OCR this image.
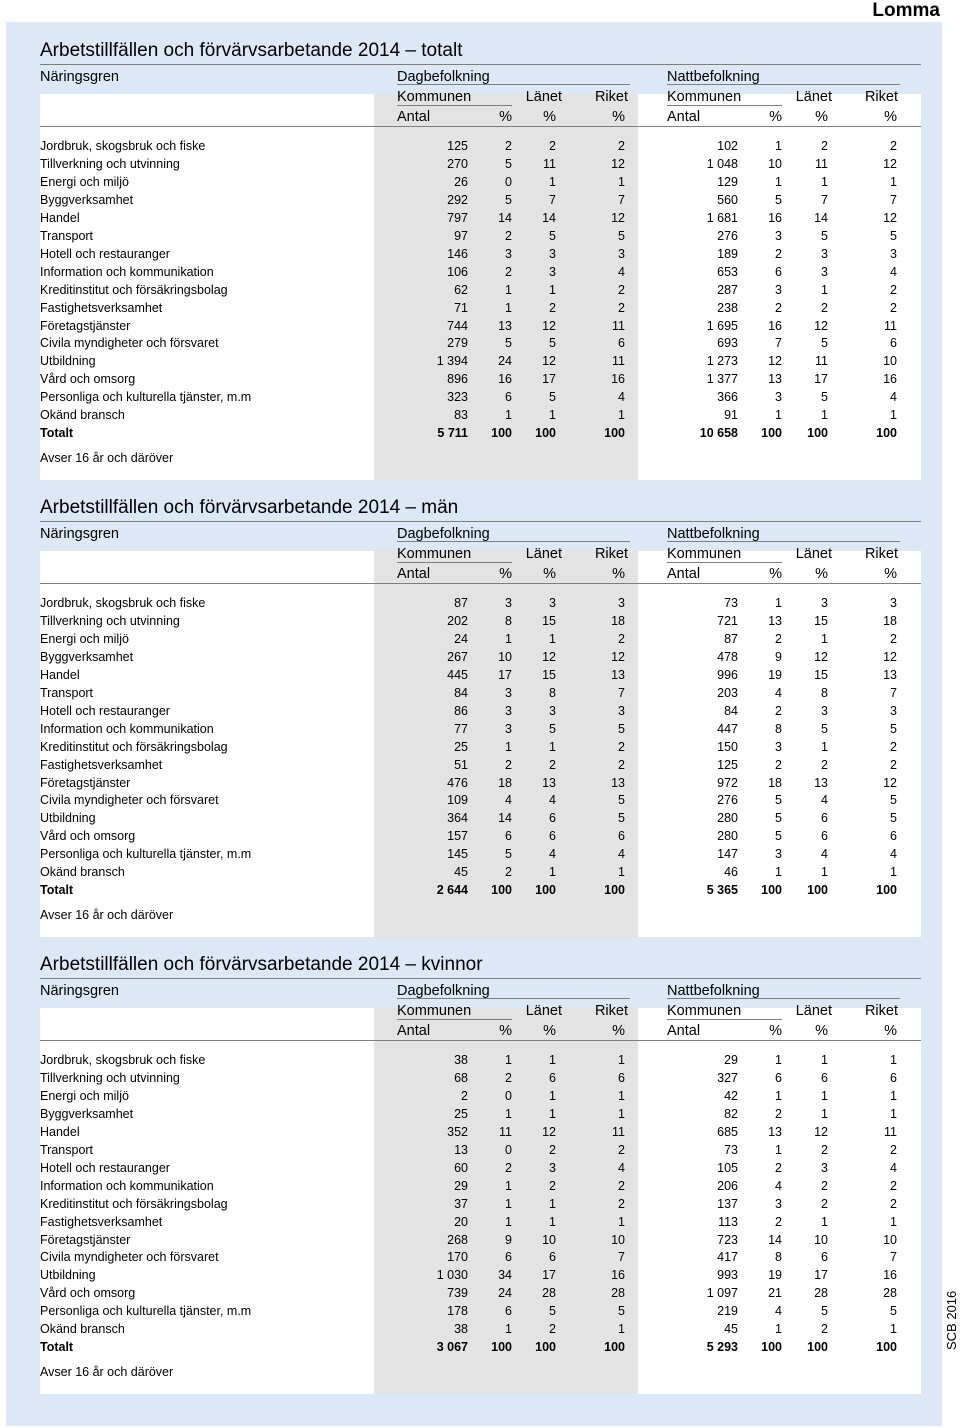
Lomma
Arbetstillfällen och förvärvsarbetande 2014 – totalt
Näringsgren	Dagbefolkning	Nattbefolkning
Kommunen	Länet	Riket	Kommunen	Länet	Riket
Antal	%	%	%	Antal	%	%	%
Jordbruk, skogsbruk och fiske	125	2	2	2	102	1	2	2
Tillverkning och utvinning	270	5	11	12	1 048	10	11	12
Energi och miljö	26	0	1	1	129	1	1	1
Byggverksamhet	292	5	7	7	560	5	7	7
Handel	797	14	14	12	1 681	16	14	12
Transport	97	2	5	5	276	3	5	5
Hotell och restauranger	146	3	3	3	189	2	3	3
Information och kommunikation	106	2	3	4	653	6	3	4
Kreditinstitut och försäkringsbolag	62	1	1	2	287	3	1	2
Fastighetsverksamhet	71	1	2	2	238	2	2	2
Företagstjänster	744	13	12	11	1 695	16	12	11
Civila myndigheter och försvaret	279	5	5	6	693	7	5	6
Utbildning	1 394	24	12	11	1 273	12	11	10
Vård och omsorg	896	16	17	16	1 377	13	17	16
Personliga och kulturella tjänster, m.m	323	6	5	4	366	3	5	4
Okänd bransch	83	1	1	1	91	1	1	1
Totalt	5 711	100	100	100	10 658	100	100	100
Avser 16 år och däröver
Arbetstillfällen och förvärvsarbetande 2014 – män
Näringsgren	Dagbefolkning	Nattbefolkning
Kommunen	Länet	Riket	Kommunen	Länet	Riket
Antal	%	%	%	Antal	%	%	%
Jordbruk, skogsbruk och fiske	87	3	3	3	73	1	3	3
Tillverkning och utvinning	202	8	15	18	721	13	15	18
Energi och miljö	24	1	1	2	87	2	1	2
Byggverksamhet	267	10	12	12	478	9	12	12
Handel	445	17	15	13	996	19	15	13
Transport	84	3	8	7	203	4	8	7
Hotell och restauranger	86	3	3	3	84	2	3	3
Information och kommunikation	77	3	5	5	447	8	5	5
Kreditinstitut och försäkringsbolag	25	1	1	2	150	3	1	2
Fastighetsverksamhet	51	2	2	2	125	2	2	2
Företagstjänster	476	18	13	13	972	18	13	12
Civila myndigheter och försvaret	109	4	4	5	276	5	4	5
Utbildning	364	14	6	5	280	5	6	5
Vård och omsorg	157	6	6	6	280	5	6	6
Personliga och kulturella tjänster, m.m	145	5	4	4	147	3	4	4
Okänd bransch	45	2	1	1	46	1	1	1
Totalt	2 644	100	100	100	5 365	100	100	100
Avser 16 år och däröver
Arbetstillfällen och förvärvsarbetande 2014 – kvinnor
Näringsgren	Dagbefolkning	Nattbefolkning
Kommunen	Länet	Riket	Kommunen	Länet	Riket
Antal	%	%	%	Antal	%	%	%
Jordbruk, skogsbruk och fiske	38	1	1	1	29	1	1	1
Tillverkning och utvinning	68	2	6	6	327	6	6	6
Energi och miljö	2	0	1	1	42	1	1	1
Byggverksamhet	25	1	1	1	82	2	1	1
Handel	352	11	12	11	685	13	12	11
Transport	13	0	2	2	73	1	2	2
Hotell och restauranger	60	2	3	4	105	2	3	4
Information och kommunikation	29	1	2	2	206	4	2	2
Kreditinstitut och försäkringsbolag	37	1	1	2	137	3	2	2
Fastighetsverksamhet	20	1	1	1	113	2	1	1
Företagstjänster	268	9	10	10	723	14	10	10
Civila myndigheter och försvaret	170	6	6	7	417	8	6	7
Utbildning	1 030	34	17	16	993	19	17	16
Vård och omsorg	739	24	28	28	1 097	21	28	28
Personliga och kulturella tjänster, m.m	178	6	5	5	219	4	5	5
Okänd bransch	38	1	2	1	45	1	2	1
Totalt	3 067	100	100	100	5 293	100	100	100
Avser 16 år och däröver
SCB 2016
